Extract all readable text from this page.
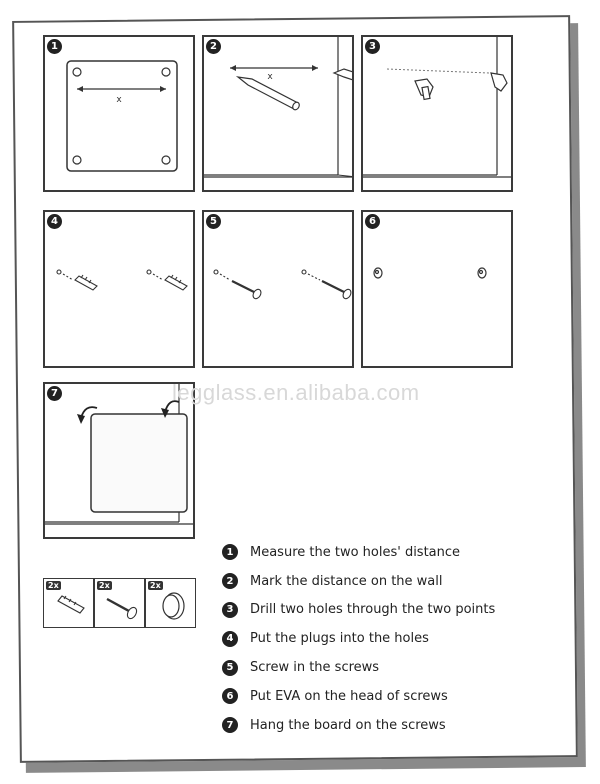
1
x
2
x
3
4	5	6
7	legglass.en.alibaba.com
1	Measure the two holes' distance
2	Mark the distance on the wall
3	Drill two holes through the two points
4	Put the plugs into the holes
5	Screw in the screws
6	Put EVA on the head of screws
7	Hang the board on the screws
2x	2x	2x
